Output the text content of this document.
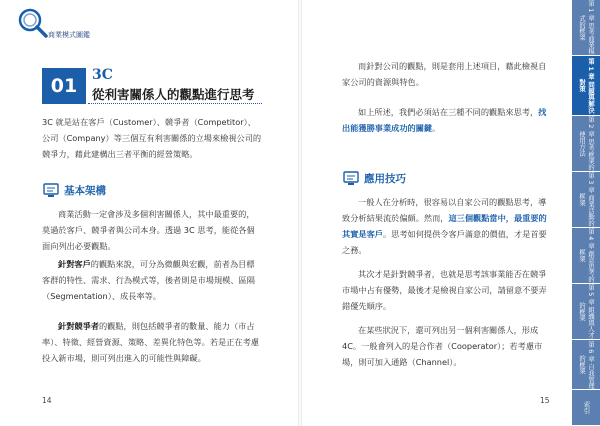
商業模式圖鑑
01	3C
從利害關係人的觀點進行思考
3C 就是站在客戶（Customer）、競爭者（Competitor）、公司（Company）等三個互有利害關係的立場來檢視公司的競爭力，藉此建構出三者平衡的經營策略。
基本架構
商業活動一定會涉及多個利害關係人，其中最重要的，莫過於客戶、競爭者與公司本身。透過 3C 思考，能從各個面向列出必要觀點。
針對客戶的觀點來說，可分為微觀與宏觀，前者為目標客群的特性、需求、行為模式等，後者則是市場規模、區隔（Segmentation）、成長率等。
針對競爭者的觀點，則包括競爭者的數量、能力（市占率）、特徵、經營資源、策略、差異化特色等。若是正在考慮投入新市場，則可列出進入的可能性與障礙。
14
而針對公司的觀點，則是套用上述項目，藉此檢視自家公司的資源與特色。
如上所述，我們必須站在三種不同的觀點來思考，找出能獲勝事業成功的關鍵。
應用技巧
一般人在分析時，很容易以自家公司的觀點思考，導致分析結果流於偏頗。然而，這三個觀點當中，最重要的其實是客戶。思考如何提供令客戶滿意的價值，才是首要之務。
其次才是針對競爭者，也就是思考該事業能否在競爭市場中占有優勢，最後才是檢視自家公司，請留意不要弄錯優先順序。
在某些狀況下，還可列出另一個利害關係人，形成 4C。一般會列入的是合作者（Cooperator）；若考慮市場，則可加入通路（Channel）。
15
第 1 章 思考商業模式的框架
第 1 章 問題與解決對策
第 2 章 思考框架的使用方法
第 3 章 商業活動的框架
第 4 章 創意思考的框架
第 5 章 組織與人才的框架
第 6 章 自我管理的框架
索引
